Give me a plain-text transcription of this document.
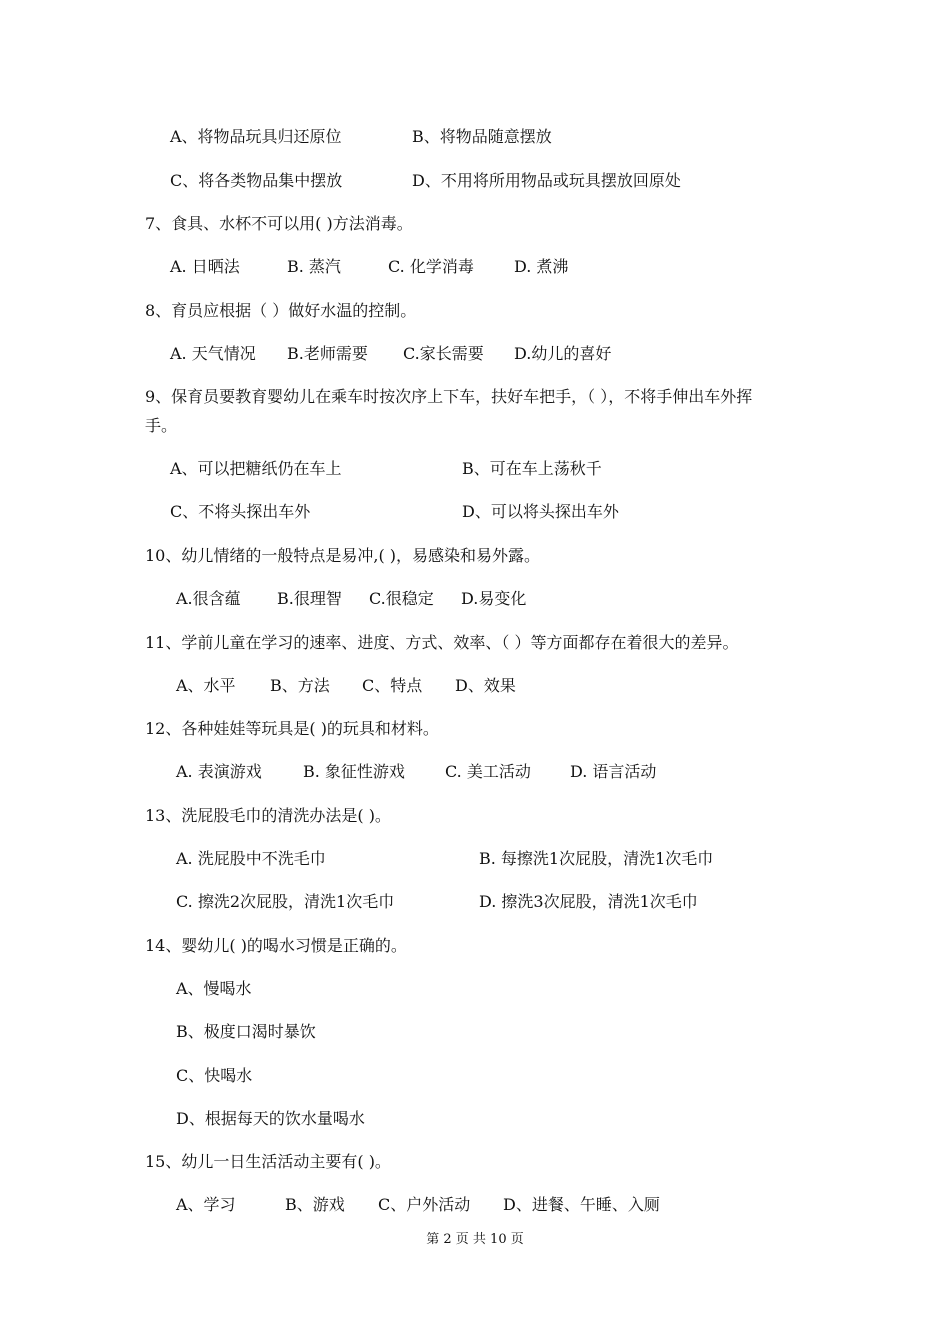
A、将物品玩具归还原位	B、将物品随意摆放
C、将各类物品集中摆放	D、不用将所用物品或玩具摆放回原处
7、食具、水杯不可以用( )方法消毒。
A. 日晒法	B. 蒸汽	C. 化学消毒	D. 煮沸
8、育员应根据（ ）做好水温的控制。
A. 天气情况 B.老师需要 C.家长需要 D.幼儿的喜好
9、保育员要教育婴幼儿在乘车时按次序上下车，扶好车把手，（ ），不将手伸出车外挥
手。
A、可以把糖纸仍在车上	B、可在车上荡秋千
C、不将头探出车外	D、可以将头探出车外
10、幼儿情绪的一般特点是易冲,( )，易感染和易外露。
A.很含蕴 B.很理智 C.很稳定 D.易变化
11、学前儿童在学习的速率、进度、方式、效率、（ ）等方面都存在着很大的差异。
A、水平 B、方法 C、特点 D、效果
12、各种娃娃等玩具是( )的玩具和材料。
A. 表演游戏	B. 象征性游戏	C. 美工活动 D. 语言活动
13、洗屁股毛巾的清洗办法是( )。
A. 洗屁股中不洗毛巾	B. 每擦洗1次屁股，清洗1次毛巾
C. 擦洗2次屁股，清洗1次毛巾	D. 擦洗3次屁股，清洗1次毛巾
14、婴幼儿( )的喝水习惯是正确的。
A、慢喝水
B、极度口渴时暴饮
C、快喝水
D、根据每天的饮水量喝水
15、幼儿一日生活活动主要有( )。
A、学习	B、游戏 C、户外活动 D、进餐、午睡、入厕
第 2 页 共 10 页
